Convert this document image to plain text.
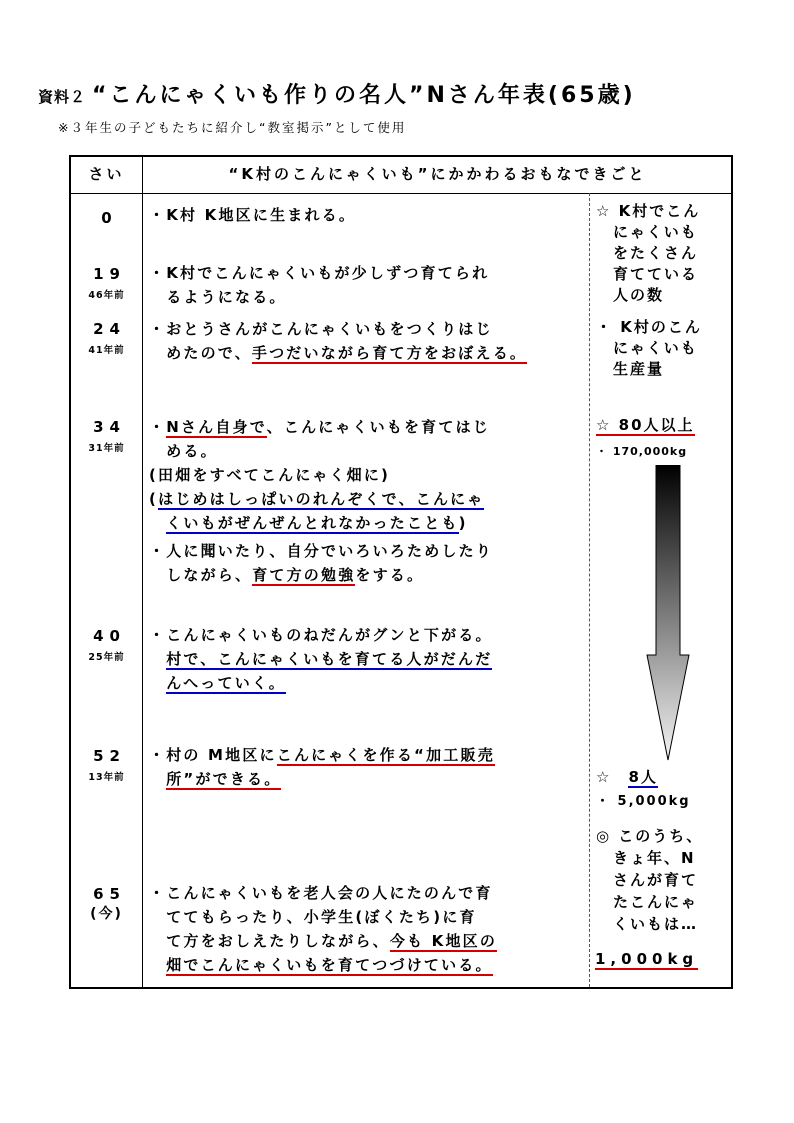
資料２ “こんにゃくいも作りの名人”Nさん年表(65歳)
※３年生の子どもたちに紹介し“教室掲示”として使用
さい	“K村のこんにゃくいも”にかかわるおもなできごと
0
19
46年前
24
41年前
34
31年前
40
25年前
52
13年前
65
(今)
・K村 K地区に生まれる。
・K村でこんにゃくいもが少しずつ育てられ
　るようになる。
・おとうさんがこんにゃくいもをつくりはじ
　めたので、手つだいながら育て方をおぼえる。
・Nさん自身で、こんにゃくいもを育てはじ
　める。
(田畑をすべてこんにゃく畑に)
(はじめはしっぱいのれんぞくで、こんにゃ
　くいもがぜんぜんとれなかったことも)
・人に聞いたり、自分でいろいろためしたり
　しながら、育て方の勉強をする。
・こんにゃくいものねだんがグンと下がる。
　村で、こんにゃくいもを育てる人がだんだ
　んへっていく。
・村の M地区にこんにゃくを作る“加工販売
　所”ができる。
・こんにゃくいもを老人会の人にたのんで育
　ててもらったり、小学生(ぼくたち)に育
　て方をおしえたりしながら、今も K地区の
　畑でこんにゃくいもを育てつづけている。
☆ K村でこん
　にゃくいも
　をたくさん
　育てている
　人の数
・ K村のこん
　にゃくいも
　生産量
☆ 80人以上
・ 170,000kg
☆　8人
・ 5,000kg
◎ このうち、
　きょ年、N
　さんが育て
　たこんにゃ
　くいもは…
1,000kg
